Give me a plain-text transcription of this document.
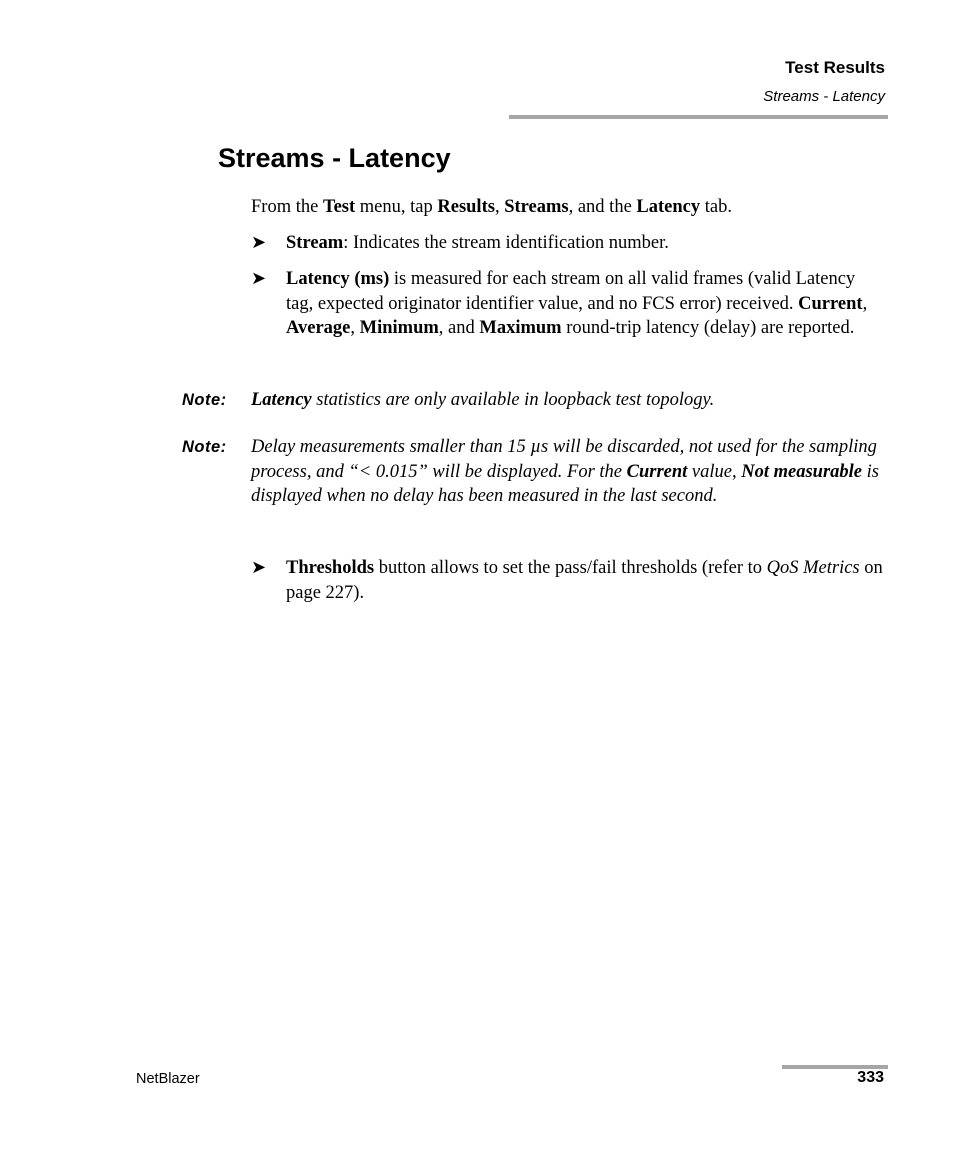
Test Results
Streams - Latency
Streams - Latency
From the Test menu, tap Results, Streams, and the Latency tab.
➤ Stream: Indicates the stream identification number.
➤ Latency (ms) is measured for each stream on all valid frames (valid Latency tag, expected originator identifier value, and no FCS error) received. Current, Average, Minimum, and Maximum round-trip latency (delay) are reported.
Note: Latency statistics are only available in loopback test topology.
Note: Delay measurements smaller than 15 µs will be discarded, not used for the sampling process, and “< 0.015” will be displayed. For the Current value, Not measurable is displayed when no delay has been measured in the last second.
➤ Thresholds button allows to set the pass/fail thresholds (refer to QoS Metrics on page 227).
NetBlazer	333
